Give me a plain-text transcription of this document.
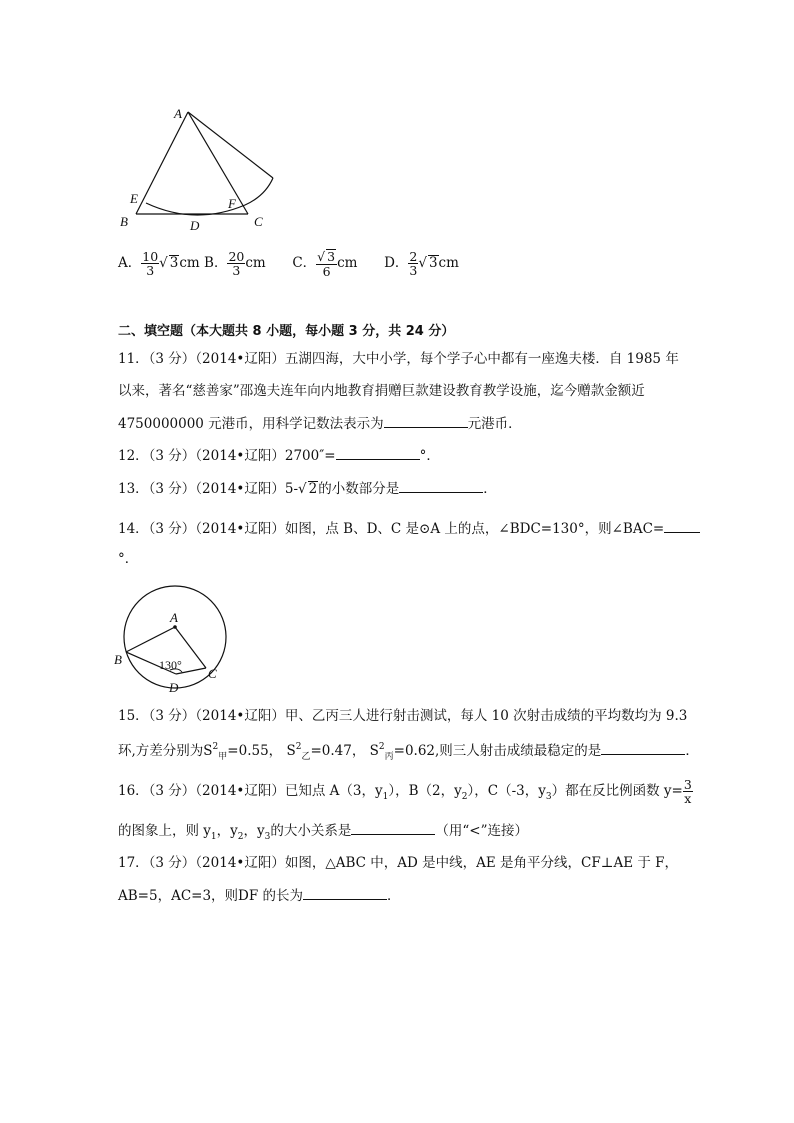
A
B	C
D
E	F
A． $\frac{10}{3}$ √ 3cm B． $\frac{20}{3}$ cm C． $\frac{√ 3}{6}$ cm D． $\frac{2}{3}$ √ 3cm
二、填空题（本大题共 8 小题，每小题 3 分，共 24 分）
11．（3 分）（2014•辽阳）五湖四海，大中小学，每个学子心中都有一座逸夫楼．自 1985 年
以来，著名“慈善家”邵逸夫连年向内地教育捐赠巨款建设教育教学设施，迄今赠款金额近
4750000000 元港币，用科学记数法表示为	元港币．
12．（3 分）（2014•辽阳）2700″=	°．
13．（3 分）（2014•辽阳）5-√ 2的小数部分是	．
14．（3 分）（2014•辽阳）如图，点 B、D、C 是⊙A 上的点，∠BDC=130°，则∠BAC=
°．
A
B
C
D
130°
15．（3 分）（2014•辽阳）甲、乙丙三人进行射击测试，每人 10 次射击成绩的平均数均为 9.3
环,方差分别为$S^2_甲=0.55$， $S^2_乙=0.47$， $S^2_丙=0.62$,则三人射击成绩最稳定的是	．
16．（3 分）（2014•辽阳）已知点 A（3，$y_1$），B（2，$y_2$），C（-3，$y_3$）都在反比例函数 $y= \frac{3}{x}$
的图象上，则 $y_1$，$y_2$，$y_3$的大小关系是	（用“<”连接）
17．（3 分）（2014•辽阳）如图，△ABC 中，AD 是中线，AE 是角平分线，CF⊥AE 于 F，
AB=5，AC=3，则DF 的长为	．
